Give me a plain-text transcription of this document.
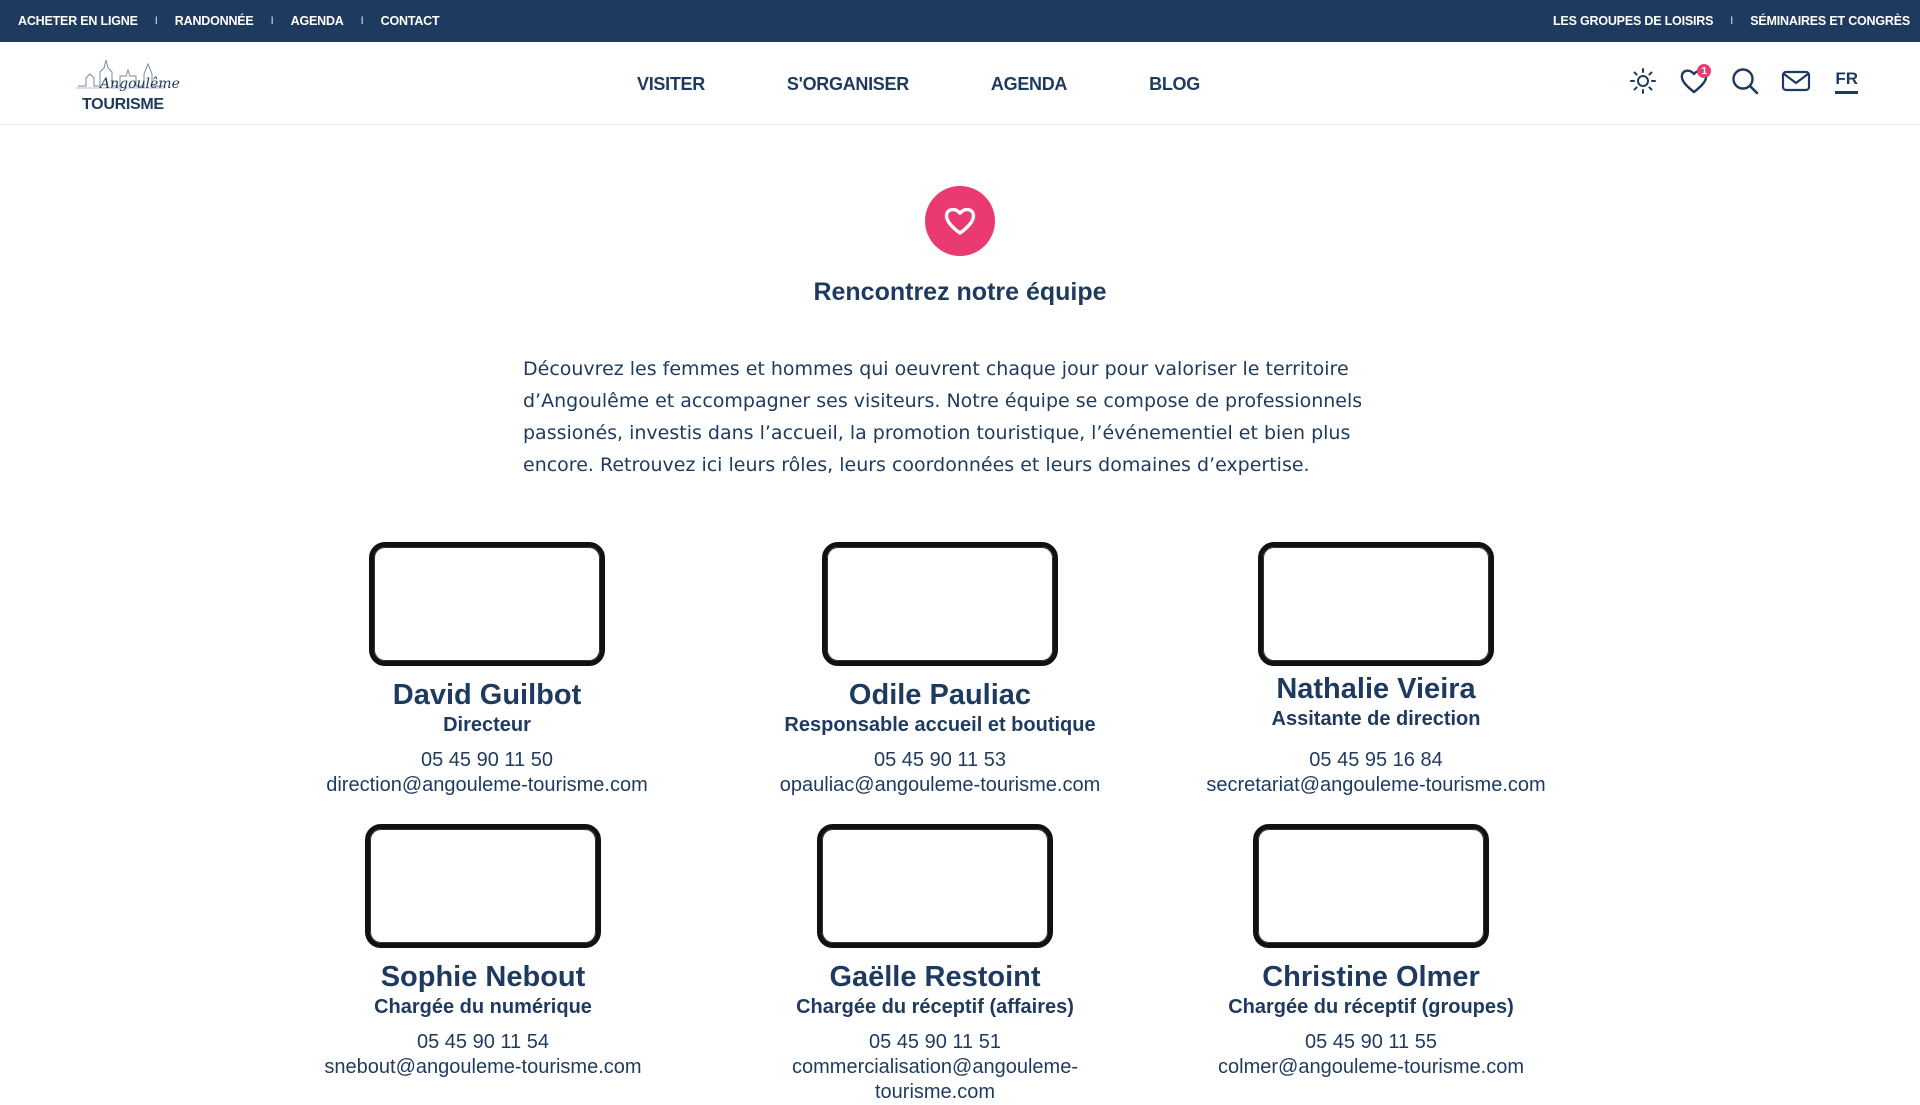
ACHETER EN LIGNE I RANDONNÉE I AGENDA I CONTACT	LES GROUPES DE LOISIRS I SÉMINAIRES ET CONGRÈS
Angoulême
TOURISME
VISITER	S'ORGANISER	AGENDA	BLOG
1	FR
Rencontrez notre équipe

Découvrez les femmes et hommes qui oeuvrent chaque jour pour valoriser le territoire d’Angoulême et accompagner ses visiteurs. Notre équipe se compose de professionnels passionés, investis dans l’accueil, la promotion touristique, l’événementiel et bien plus encore. Retrouvez ici leurs rôles, leurs coordonnées et leurs domaines d’expertise.

David Guilbot
Directeur
05 45 90 11 50
direction@angouleme-tourisme.com
Odile Pauliac
Responsable accueil et boutique
05 45 90 11 53
opauliac@angouleme-tourisme.com
Nathalie Vieira
Assitante de direction
05 45 95 16 84
secretariat@angouleme-tourisme.com
Sophie Nebout
Chargée du numérique
05 45 90 11 54
snebout@angouleme-tourisme.com
Gaëlle Restoint
Chargée du réceptif (affaires)
05 45 90 11 51
commercialisation@angouleme-tourisme.com
Christine Olmer
Chargée du réceptif (groupes)
05 45 90 11 55
colmer@angouleme-tourisme.com
